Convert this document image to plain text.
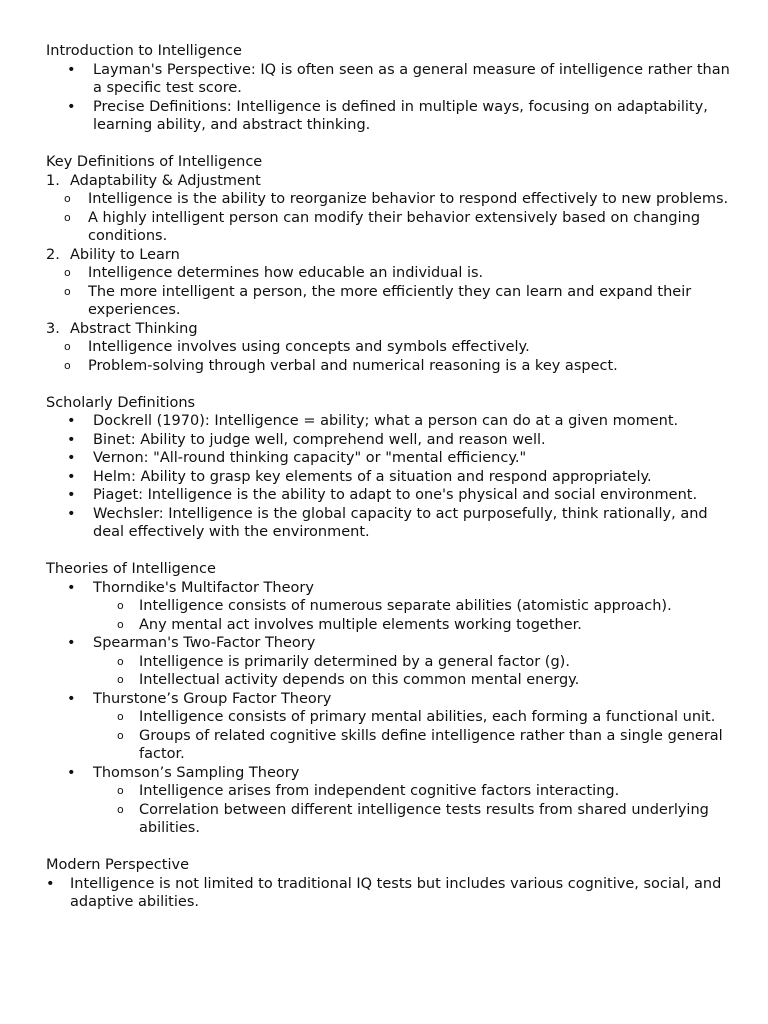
Introduction to Intelligence

• Layman's Perspective: IQ is often seen as a general measure of intelligence rather than a specific test score.
• Precise Definitions: Intelligence is defined in multiple ways, focusing on adaptability, learning ability, and abstract thinking.

Key Definitions of Intelligence

1. Adaptability & Adjustment
o Intelligence is the ability to reorganize behavior to respond effectively to new problems.
o A highly intelligent person can modify their behavior extensively based on changing conditions.
2. Ability to Learn
o Intelligence determines how educable an individual is.
o The more intelligent a person, the more efficiently they can learn and expand their experiences.
3. Abstract Thinking
o Intelligence involves using concepts and symbols effectively.
o Problem-solving through verbal and numerical reasoning is a key aspect.

Scholarly Definitions

• Dockrell (1970): Intelligence = ability; what a person can do at a given moment.
• Binet: Ability to judge well, comprehend well, and reason well.
• Vernon: "All-round thinking capacity" or "mental efficiency."
• Helm: Ability to grasp key elements of a situation and respond appropriately.
• Piaget: Intelligence is the ability to adapt to one's physical and social environment.
• Wechsler: Intelligence is the global capacity to act purposefully, think rationally, and deal effectively with the environment.

Theories of Intelligence

• Thorndike's Multifactor Theory
o Intelligence consists of numerous separate abilities (atomistic approach).
o Any mental act involves multiple elements working together.
• Spearman's Two-Factor Theory
o Intelligence is primarily determined by a general factor (g).
o Intellectual activity depends on this common mental energy.
• Thurstone’s Group Factor Theory
o Intelligence consists of primary mental abilities, each forming a functional unit.
o Groups of related cognitive skills define intelligence rather than a single general factor.
• Thomson’s Sampling Theory
o Intelligence arises from independent cognitive factors interacting.
o Correlation between different intelligence tests results from shared underlying abilities.

Modern Perspective

• Intelligence is not limited to traditional IQ tests but includes various cognitive, social, and adaptive abilities.
